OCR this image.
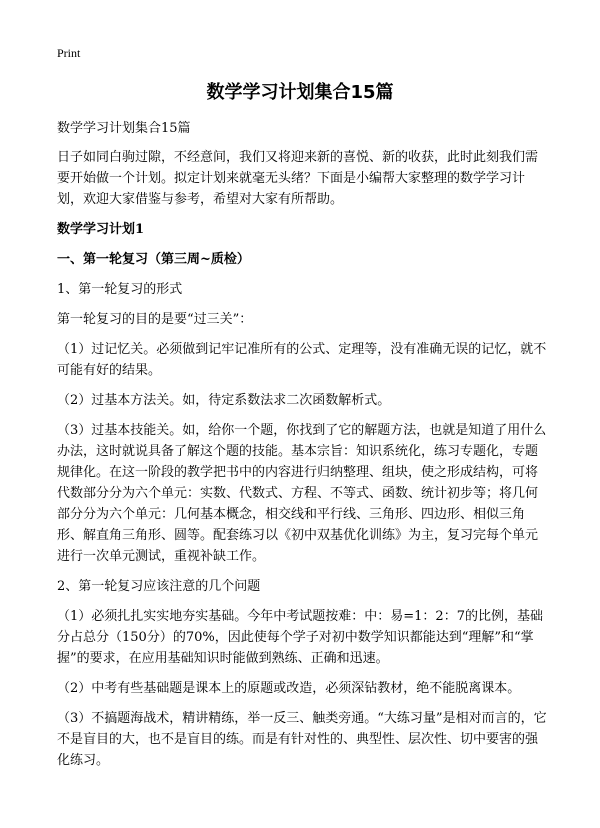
Print
数学学习计划集合15篇

数学学习计划集合15篇

日子如同白驹过隙，不经意间，我们又将迎来新的喜悦、新的收获，此时此刻我们需要开始做一个计划。拟定计划来就毫无头绪？下面是小编帮大家整理的数学学习计划，欢迎大家借鉴与参考，希望对大家有所帮助。

数学学习计划1

一、第一轮复习（第三周~质检）

1、第一轮复习的形式

第一轮复习的目的是要“过三关”：

（1）过记忆关。必须做到记牢记准所有的公式、定理等，没有准确无误的记忆，就不可能有好的结果。

（2）过基本方法关。如，待定系数法求二次函数解析式。

（3）过基本技能关。如，给你一个题，你找到了它的解题方法，也就是知道了用什么办法，这时就说具备了解这个题的技能。基本宗旨：知识系统化，练习专题化，专题规律化。在这一阶段的教学把书中的内容进行归纳整理、组块，使之形成结构，可将代数部分分为六个单元：实数、代数式、方程、不等式、函数、统计初步等；将几何部分分为六个单元：几何基本概念，相交线和平行线、三角形、四边形、相似三角形、解直角三角形、圆等。配套练习以《初中双基优化训练》为主，复习完每个单元进行一次单元测试，重视补缺工作。

2、第一轮复习应该注意的几个问题

（1）必须扎扎实实地夯实基础。今年中考试题按难：中：易=1：2：7的比例，基础分占总分（150分）的70%，因此使每个学子对初中数学知识都能达到“理解”和“掌握”的要求，在应用基础知识时能做到熟练、正确和迅速。

（2）中考有些基础题是课本上的原题或改造，必须深钻教材，绝不能脱离课本。

（3）不搞题海战术，精讲精练，举一反三、触类旁通。“大练习量”是相对而言的，它不是盲目的大，也不是盲目的练。而是有针对性的、典型性、层次性、切中要害的强化练习。
